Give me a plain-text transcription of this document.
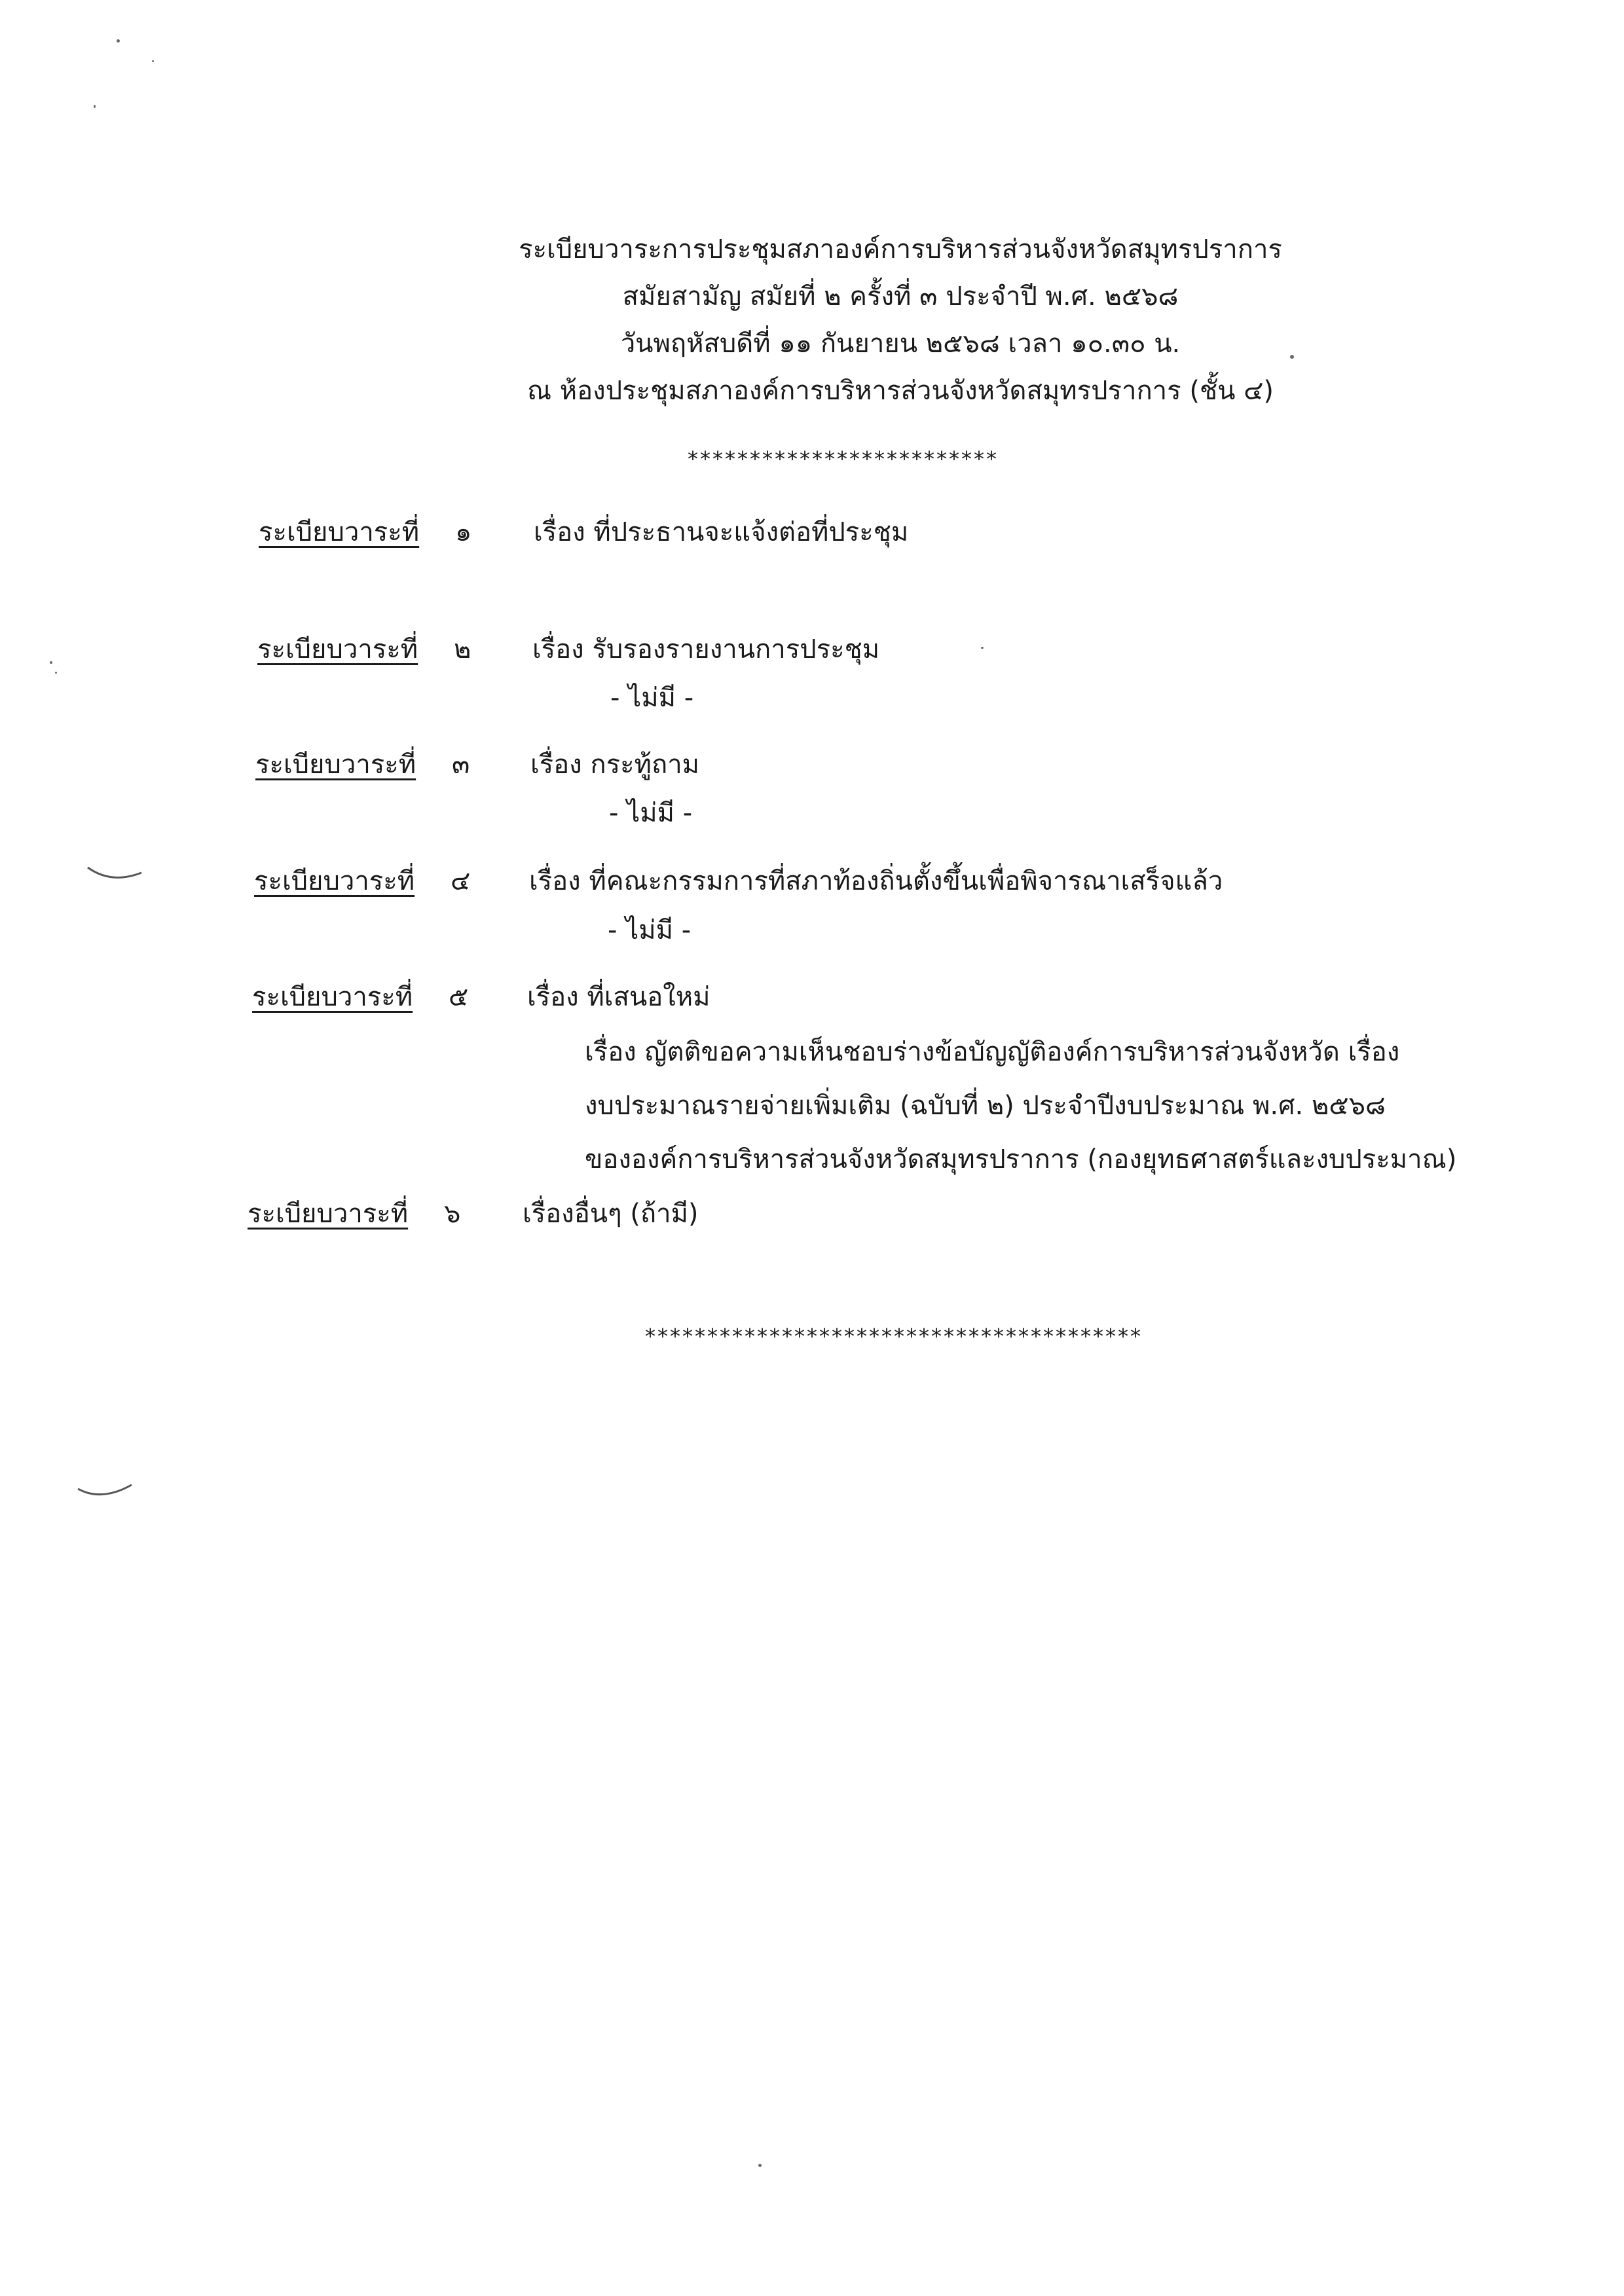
ระเบียบวาระการประชุมสภาองค์การบริหารส่วนจังหวัดสมุทรปราการ
สมัยสามัญ สมัยที่ ๒ ครั้งที่ ๓ ประจำปี พ.ศ. ๒๕๖๘
วันพฤหัสบดีที่ ๑๑ กันยายน ๒๕๖๘ เวลา ๑๐.๓๐ น.
ณ ห้องประชุมสภาองค์การบริหารส่วนจังหวัดสมุทรปราการ (ชั้น ๔)
*************************
ระเบียบวาระที่ ๑ เรื่อง ที่ประธานจะแจ้งต่อที่ประชุม
ระเบียบวาระที่ ๒ เรื่อง รับรองรายงานการประชุม
- ไม่มี -
ระเบียบวาระที่ ๓ เรื่อง กระทู้ถาม
- ไม่มี -
ระเบียบวาระที่ ๔ เรื่อง ที่คณะกรรมการที่สภาท้องถิ่นตั้งขึ้นเพื่อพิจารณาเสร็จแล้ว
- ไม่มี -
ระเบียบวาระที่ ๕ เรื่อง ที่เสนอใหม่
เรื่อง ญัตติขอความเห็นชอบร่างข้อบัญญัติองค์การบริหารส่วนจังหวัด เรื่อง
งบประมาณรายจ่ายเพิ่มเติม (ฉบับที่ ๒) ประจำปีงบประมาณ พ.ศ. ๒๕๖๘
ขององค์การบริหารส่วนจังหวัดสมุทรปราการ (กองยุทธศาสตร์และงบประมาณ)
ระเบียบวาระที่ ๖ เรื่องอื่นๆ (ถ้ามี)
****************************************
